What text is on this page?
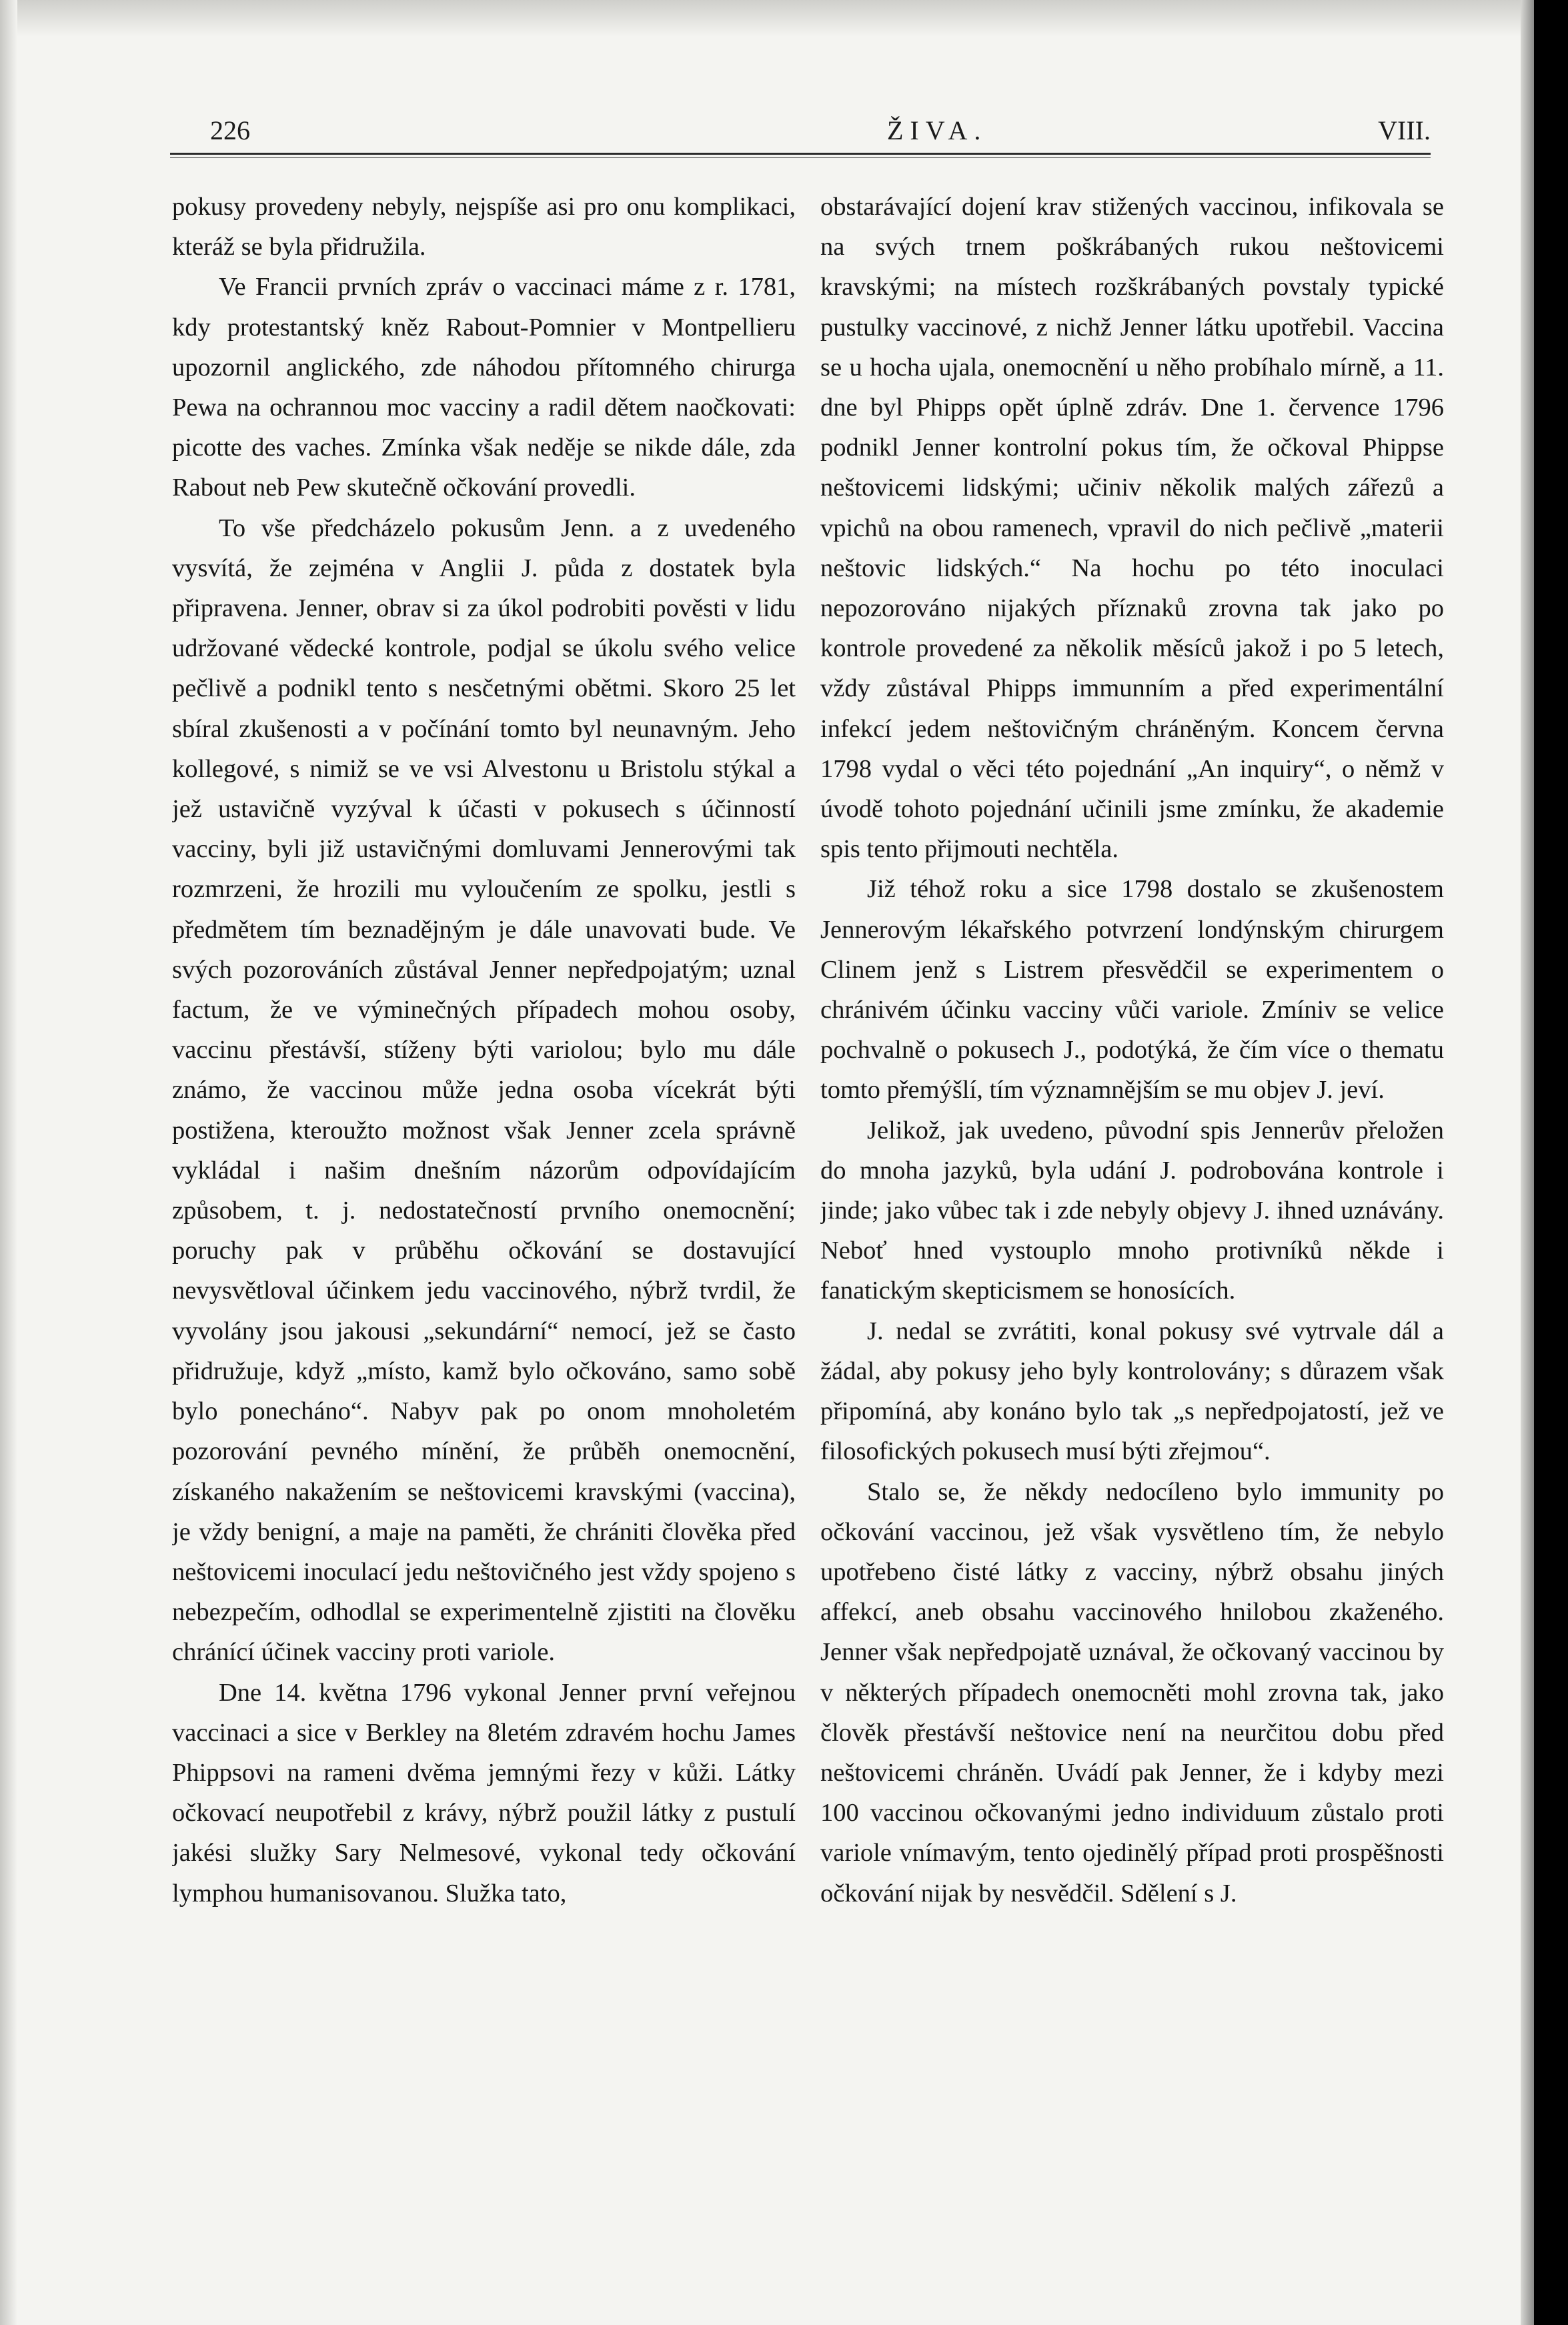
226	ŽIVA.	VIII.

pokusy provedeny nebyly, nejspíše asi pro onu komplikaci, kteráž se byla přidružila.

Ve Francii prvních zpráv o vaccinaci máme z r. 1781, kdy protestantský kněz Rabout-Pomnier v Montpellieru upozornil anglického, zde náhodou přítomného chirurga Pewa na ochrannou moc vacciny a radil dětem naočkovati: picotte des vaches. Zmínka však neděje se nikde dále, zda Rabout neb Pew skutečně očkování provedli.

To vše předcházelo pokusům Jenn. a z uvedeného vysvítá, že zejména v Anglii J. půda z dostatek byla připravena. Jenner, obrav si za úkol podrobiti pověsti v lidu udržované vědecké kontrole, podjal se úkolu svého velice pečlivě a podnikl tento s nesčetnými obětmi. Skoro 25 let sbíral zkušenosti a v počínání tomto byl neunavným. Jeho kollegové, s nimiž se ve vsi Alvestonu u Bristolu stýkal a jež ustavičně vyzýval k účasti v pokusech s účinností vacciny, byli již ustavičnými domluvami Jennerovými tak rozmrzeni, že hrozili mu vyloučením ze spolku, jestli s předmětem tím beznadějným je dále unavovati bude. Ve svých pozorováních zůstával Jenner nepředpojatým; uznal factum, že ve výminečných případech mohou osoby, vaccinu přestávší, stíženy býti variolou; bylo mu dále známo, že vaccinou může jedna osoba vícekrát býti postižena, kteroužto možnost však Jenner zcela správně vykládal i našim dnešním názorům odpovídajícím způsobem, t. j. nedostatečností prvního onemocnění; poruchy pak v průběhu očkování se dostavující nevysvětloval účinkem jedu vaccinového, nýbrž tvrdil, že vyvolány jsou jakousi „sekundární“ nemocí, jež se často přidružuje, když „místo, kamž bylo očkováno, samo sobě bylo ponecháno“. Nabyv pak po onom mnoholetém pozorování pevného mínění, že průběh onemocnění, získaného nakažením se neštovicemi kravskými (vaccina), je vždy benigní, a maje na paměti, že chrániti člověka před neštovicemi inoculací jedu neštovičného jest vždy spojeno s nebezpečím, odhodlal se experimentelně zjistiti na člověku chránící účinek vacciny proti variole.

Dne 14. května 1796 vykonal Jenner první veřejnou vaccinaci a sice v Berkley na 8letém zdravém hochu James Phippsovi na rameni dvěma jemnými řezy v kůži. Látky očkovací neupotřebil z krávy, nýbrž použil látky z pustulí jakési služky Sary Nelmesové, vykonal tedy očkování lymphou humanisovanou. Služka tato,

obstarávající dojení krav stižených vaccinou, infikovala se na svých trnem poškrábaných rukou neštovicemi kravskými; na místech rozškrábaných povstaly typické pustulky vaccinové, z nichž Jenner látku upotřebil. Vaccina se u hocha ujala, onemocnění u něho probíhalo mírně, a 11. dne byl Phipps opět úplně zdráv. Dne 1. července 1796 podnikl Jenner kontrolní pokus tím, že očkoval Phippse neštovicemi lidskými; učiniv několik malých zářezů a vpichů na obou ramenech, vpravil do nich pečlivě „materii neštovic lidských.“ Na hochu po této inoculaci nepozorováno nijakých příznaků zrovna tak jako po kontrole provedené za několik měsíců jakož i po 5 letech, vždy zůstával Phipps immunním a před experimentální infekcí jedem neštovičným chráněným. Koncem června 1798 vydal o věci této pojednání „An inquiry“, o němž v úvodě tohoto pojednání učinili jsme zmínku, že akademie spis tento přijmouti nechtěla.

Již téhož roku a sice 1798 dostalo se zkušenostem Jennerovým lékařského potvrzení londýnským chirurgem Clinem jenž s Listrem přesvědčil se experimentem o chránivém účinku vacciny vůči variole. Zmíniv se velice pochvalně o pokusech J., podotýká, že čím více o thematu tomto přemýšlí, tím významnějším se mu objev J. jeví.

Jelikož, jak uvedeno, původní spis Jennerův přeložen do mnoha jazyků, byla udání J. podrobována kontrole i jinde; jako vůbec tak i zde nebyly objevy J. ihned uznávány. Neboť hned vystouplo mnoho protivníků někde i fanatickým skepticismem se honosících.

J. nedal se zvrátiti, konal pokusy své vytrvale dál a žádal, aby pokusy jeho byly kontrolovány; s důrazem však připomíná, aby konáno bylo tak „s nepředpojatostí, jež ve filosofických pokusech musí býti zřejmou“.

Stalo se, že někdy nedocíleno bylo immunity po očkování vaccinou, jež však vysvětleno tím, že nebylo upotřebeno čisté látky z vacciny, nýbrž obsahu jiných affekcí, aneb obsahu vaccinového hnilobou zkaženého. Jenner však nepředpojatě uznával, že očkovaný vaccinou by v některých případech onemocněti mohl zrovna tak, jako člověk přestávší neštovice není na neurčitou dobu před neštovicemi chráněn. Uvádí pak Jenner, že i kdyby mezi 100 vaccinou očkovanými jedno individuum zůstalo proti variole vnímavým, tento ojedinělý případ proti prospěšnosti očkování nijak by nesvědčil. Sdělení s J.
